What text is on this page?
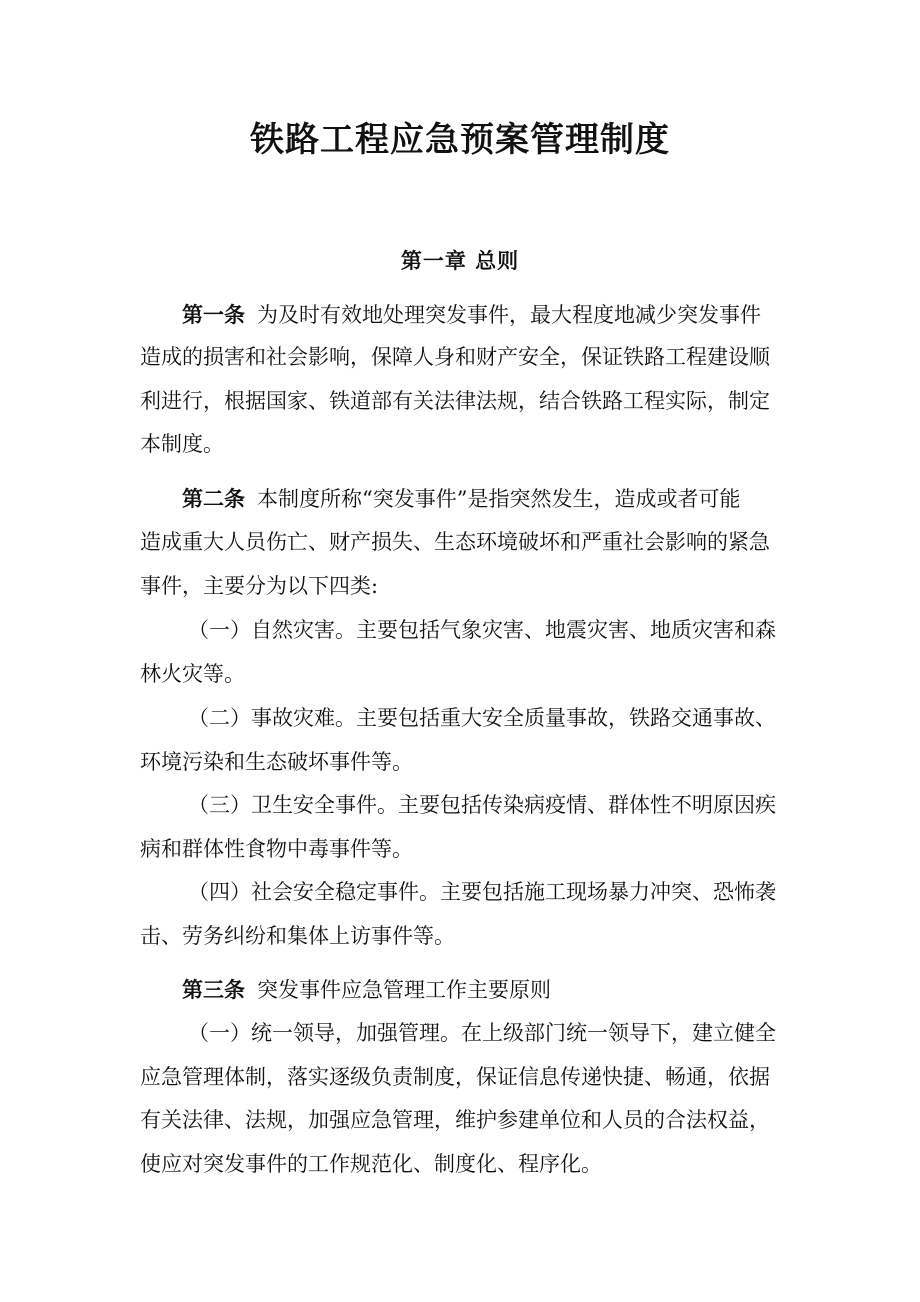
铁路工程应急预案管理制度
第一章 总则

第一条 为及时有效地处理突发事件，最大程度地减少突发事件

造成的损害和社会影响，保障人身和财产安全，保证铁路工程建设顺

利进行，根据国家、铁道部有关法律法规，结合铁路工程实际，制定

本制度。

第二条 本制度所称“突发事件”是指突然发生，造成或者可能

造成重大人员伤亡、财产损失、生态环境破坏和严重社会影响的紧急

事件，主要分为以下四类:

（一）自然灾害。主要包括气象灾害、地震灾害、地质灾害和森

林火灾等。

（二）事故灾难。主要包括重大安全质量事故，铁路交通事故、

环境污染和生态破坏事件等。

（三）卫生安全事件。主要包括传染病疫情、群体性不明原因疾

病和群体性食物中毒事件等。

（四）社会安全稳定事件。主要包括施工现场暴力冲突、恐怖袭

击、劳务纠纷和集体上访事件等。

第三条 突发事件应急管理工作主要原则

（一）统一领导，加强管理。在上级部门统一领导下，建立健全

应急管理体制，落实逐级负责制度，保证信息传递快捷、畅通，依据

有关法律、法规，加强应急管理，维护参建单位和人员的合法权益，

使应对突发事件的工作规范化、制度化、程序化。
